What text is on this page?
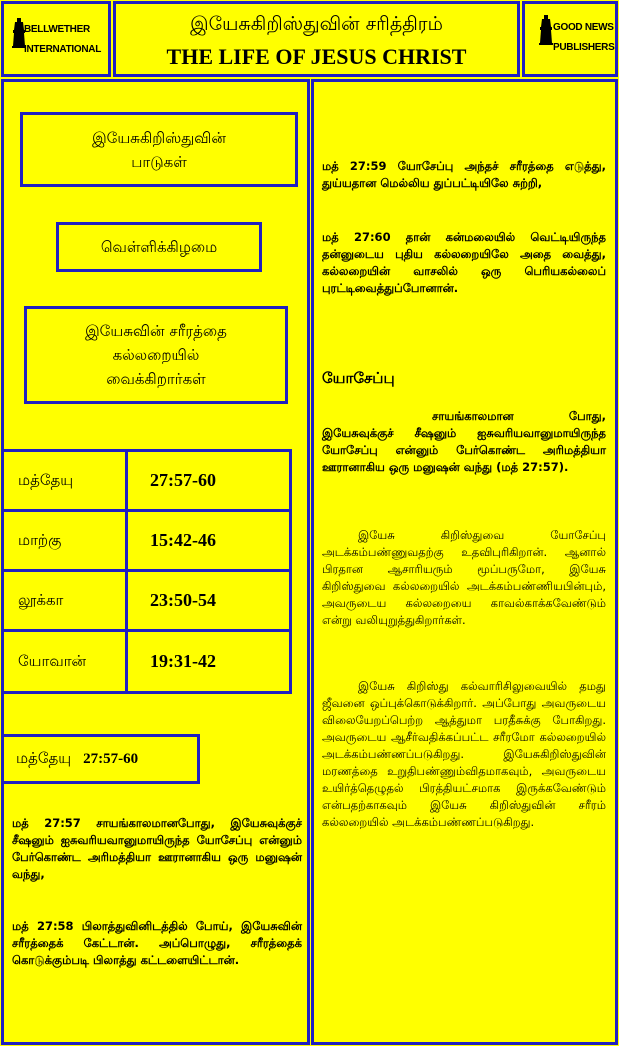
BELLWETHER
INTERNATIONAL
இயேசுகிறிஸ்துவின் சரித்திரம்
THE LIFE OF JESUS CHRIST
GOOD NEWS
PUBLISHERS
இயேசுகிறிஸ்துவின்
பாடுகள்
வெள்ளிக்கிழமை
இயேசுவின் சரீரத்தை
கல்லறையில்
வைக்கிறார்கள்
மத்தேயு	27:57-60
மாற்கு	15:42-46
லூக்கா	23:50-54
யோவான்	19:31-42
மத்தேயு 27:57-60
மத் 27:57 சாயங்காலமானபோது, இயேசுவுக்குச் சீஷனும் ஐசுவரியவானுமாயிருந்த யோசேப்பு என்னும் பேர்கொண்ட அரிமத்தியா ஊரானாகிய ஒரு மனுஷன் வந்து,
மத் 27:58 பிலாத்துவினிடத்தில் போய், இயேசுவின் சரீரத்தைக் கேட்டான். அப்பொழுது, சரீரத்தைக் கொடுக்கும்படி பிலாத்து கட்டளையிட்டான்.
மத் 27:59 யோசேப்பு அந்தச் சரீரத்தை எடுத்து, துய்யதான மெல்லிய துப்பட்டியிலே சுற்றி,
மத் 27:60 தான் கன்மலையில் வெட்டியிருந்த தன்னுடைய புதிய கல்லறையிலே அதை வைத்து, கல்லறையின் வாசலில் ஒரு பெரியகல்லைப் புரட்டிவைத்துப்போனான்.
யோசேப்பு
சாயங்காலமான போது, இயேசுவுக்குச் சீஷனும் ஐசுவரியவானுமாயிருந்த யோசேப்பு என்னும் பேர்கொண்ட அரிமத்தியா ஊரானாகிய ஒரு மனுஷன் வந்து (மத் 27:57).
இயேசு கிறிஸ்துவை யோசேப்பு அடக்கம்பண்ணுவதற்கு உதவிபுரிகிறான். ஆனால் பிரதான ஆசாரியரும் மூப்பருமோ, இயேசு கிறிஸ்துவை கல்லறையில் அடக்கம்பண்ணியபின்பும், அவருடைய கல்லறையை காவல்காக்கவேண்டும் என்று வலியுறுத்துகிறார்கள்.
இயேசு கிறிஸ்து கல்வாரிசிலுவையில் தமது ஜீவனை ஒப்புக்கொடுக்கிறார். அப்போது அவருடைய விலையேறப்பெற்ற ஆத்துமா பரதீசுக்கு போகிறது. அவருடைய ஆசீர்வதிக்கப்பட்ட சரீரமோ கல்லறையில் அடக்கம்பண்ணப்படுகிறது. இயேசுகிறிஸ்துவின் மரணத்தை உறுதிபண்ணும்விதமாகவும், அவருடைய உயிர்த்தெழுதல் பிரத்தியட்சமாக இருக்கவேண்டும் என்பதற்காகவும் இயேசு கிறிஸ்துவின் சரீரம் கல்லறையில் அடக்கம்பண்ணப்படுகிறது.
